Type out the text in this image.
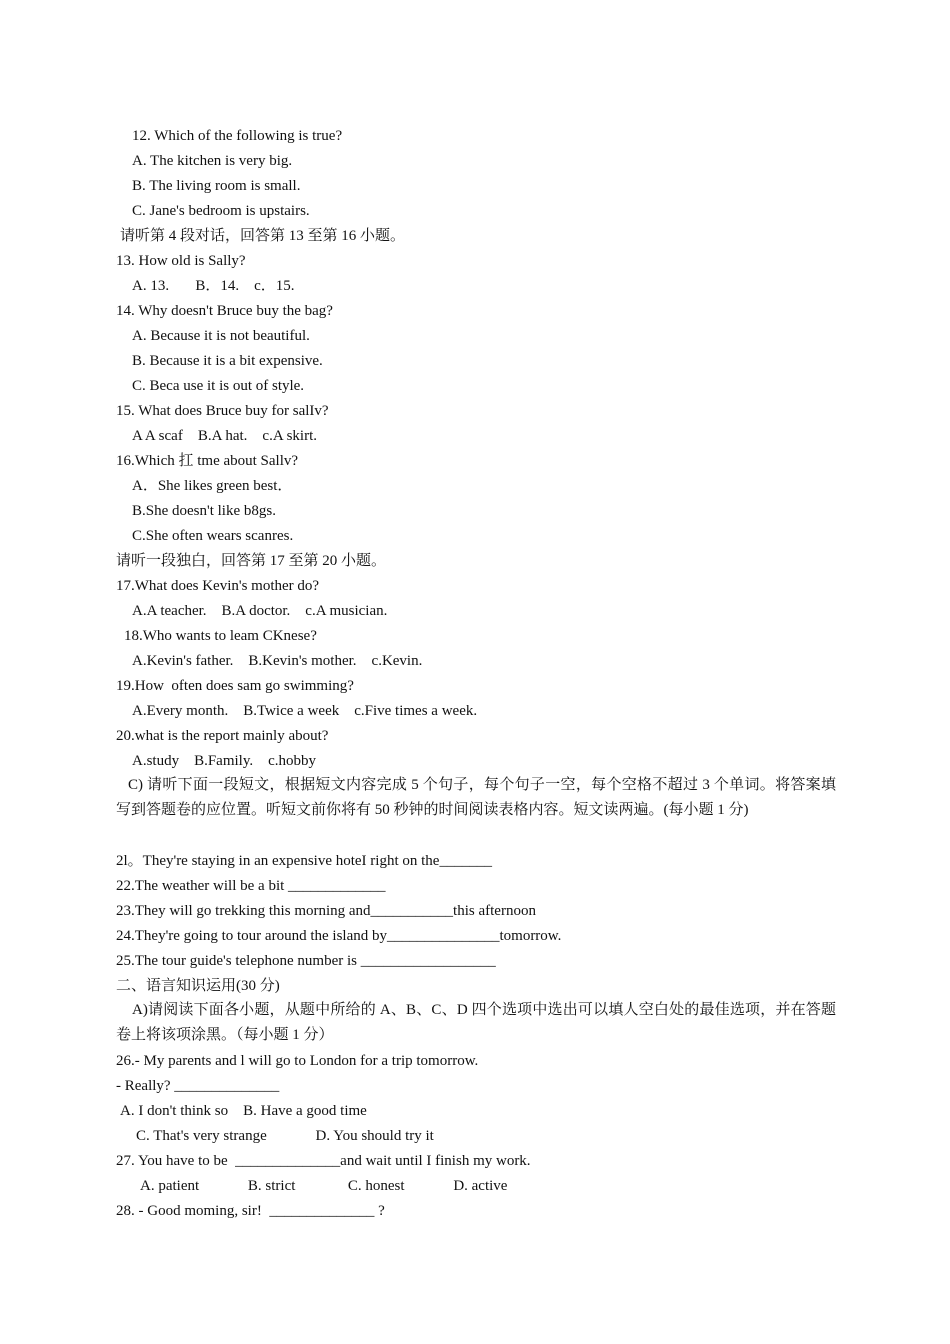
12. Which of the following is true?
A. The kitchen is very big.
B. The living room is small.
C. Jane's bedroom is upstairs.
请听第 4 段对话，回答第 13 至第 16 小题。
13. How old is Sally?
A. 13.       B．14.    c．15.
14. Why doesn't Bruce buy the bag?
A. Because it is not beautiful.
B. Because it is a bit expensive.
C. Beca use it is out of style.
15. What does Bruce buy for salIv?
A A scaf    B.A hat.    c.A skirt.
16.Which 扛 tme about Sallv?
A．She likes green best．
B.She doesn't like b8gs.
C.She often wears scanres.
请听一段独白，回答第 17 至第 20 小题。
17.What does Kevin's mother do?
A.A teacher.    B.A doctor.    c.A musician.
18.Who wants to leam CKnese?
A.Kevin's father.    B.Kevin's mother.    c.Kevin.
19.How  often does sam go swimming?
A.Every month.    B.Twice a week    c.Five times a week.
20.what is the report mainly about?
A.study    B.Family.    c.hobby
C) 请听下面一段短文，根据短文内容完成 5 个句子，每个句子一空，每个空格不超过 3 个单词。将答案填写到答题卷的应位置。听短文前你将有 50 秒钟的时间阅读表格内容。短文读两遍。(每小题 1 分)
2l。They're staying in an expensive hoteI right on the_______
22.The weather will be a bit _____________
23.They will go trekking this morning and___________this afternoon
24.They're going to tour around the island by_______________tomorrow.
25.The tour guide's telephone number is __________________
二、语言知识运用(30 分)
A)请阅读下面各小题，从题中所给的 A、B、C、D 四个选项中选出可以填人空白处的最佳选项，并在答题卷上将该项涂黑。（每小题 1 分）
26.- My parents and l will go to London for a trip tomorrow.
- Really? ______________
A. I don't think so    B. Have a good time
C. That's very strange             D. You should try it
27. You have to be  ______________and wait until I finish my work.
A. patient             B. strict              C. honest             D. active
28. - Good moming, sir!  ______________ ?
